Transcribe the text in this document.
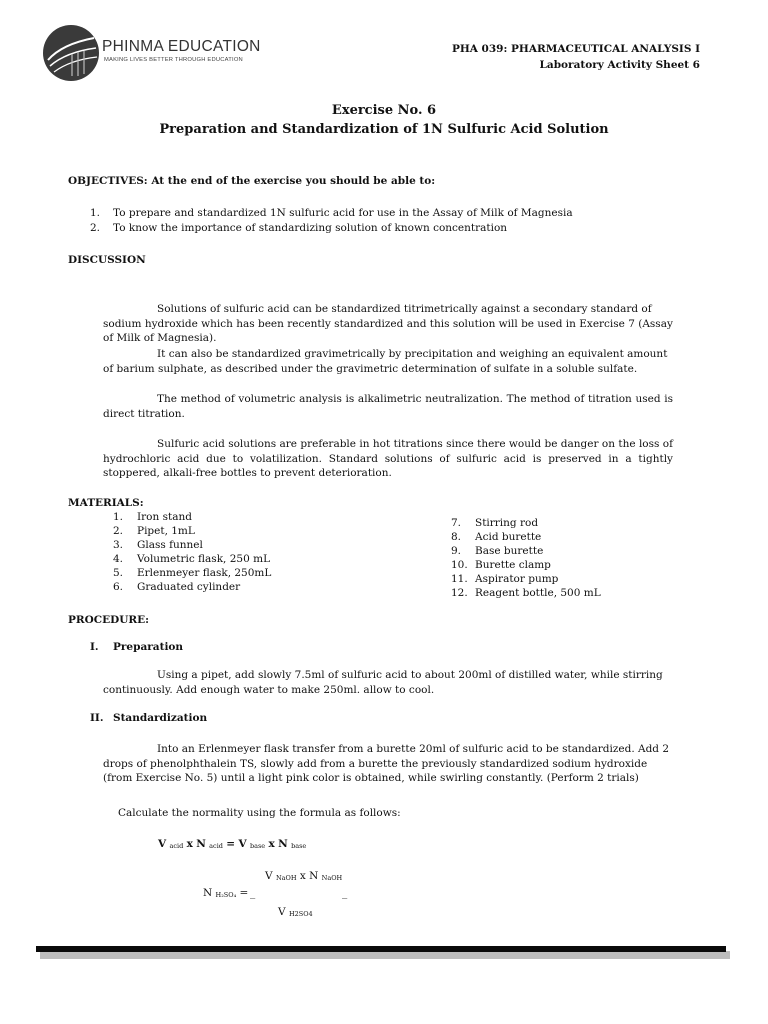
PHINMA EDUCATION
MAKING LIVES BETTER THROUGH EDUCATION
PHA 039: PHARMACEUTICAL ANALYSIS I
Laboratory Activity Sheet 6
Exercise No. 6
Preparation and Standardization of 1N Sulfuric Acid Solution
OBJECTIVES: At the end of the exercise you should be able to:
1. To prepare and standardized 1N sulfuric acid for use in the Assay of Milk of Magnesia
2. To know the importance of standardizing solution of known concentration
DISCUSSION
Solutions of sulfuric acid can be standardized titrimetrically against a secondary standard of sodium hydroxide which has been recently standardized and this solution will be used in Exercise 7 (Assay of Milk of Magnesia).
It can also be standardized gravimetrically by precipitation and weighing an equivalent amount of barium sulphate, as described under the gravimetric determination of sulfate in a soluble sulfate.
The method of volumetric analysis is alkalimetric neutralization. The method of titration used is direct titration.
Sulfuric acid solutions are preferable in hot titrations since there would be danger on the loss of hydrochloric acid due to volatilization. Standard solutions of sulfuric acid is preserved in a tightly stoppered, alkali-free bottles to prevent deterioration.
MATERIALS:
1. Iron stand
2. Pipet, 1mL
3. Glass funnel
4. Volumetric flask, 250 mL
5. Erlenmeyer flask, 250mL
6. Graduated cylinder
7. Stirring rod
8. Acid burette
9. Base burette
10. Burette clamp
11. Aspirator pump
12. Reagent bottle, 500 mL
PROCEDURE:
I. Preparation
Using a pipet, add slowly 7.5ml of sulfuric acid to about 200ml of distilled water, while stirring continuously. Add enough water to make 250ml. allow to cool.
II. Standardization
Into an Erlenmeyer flask transfer from a burette 20ml of sulfuric acid to be standardized. Add 2 drops of phenolphthalein TS, slowly add from a burette the previously standardized sodium hydroxide (from Exercise No. 5) until a light pink color is obtained, while swirling constantly. (Perform 2 trials)
Calculate the normality using the formula as follows:
V acid x N acid = V base x N base
V NaOH x N NaOH
N H₂SO₄ = _	_
V H2SO4
